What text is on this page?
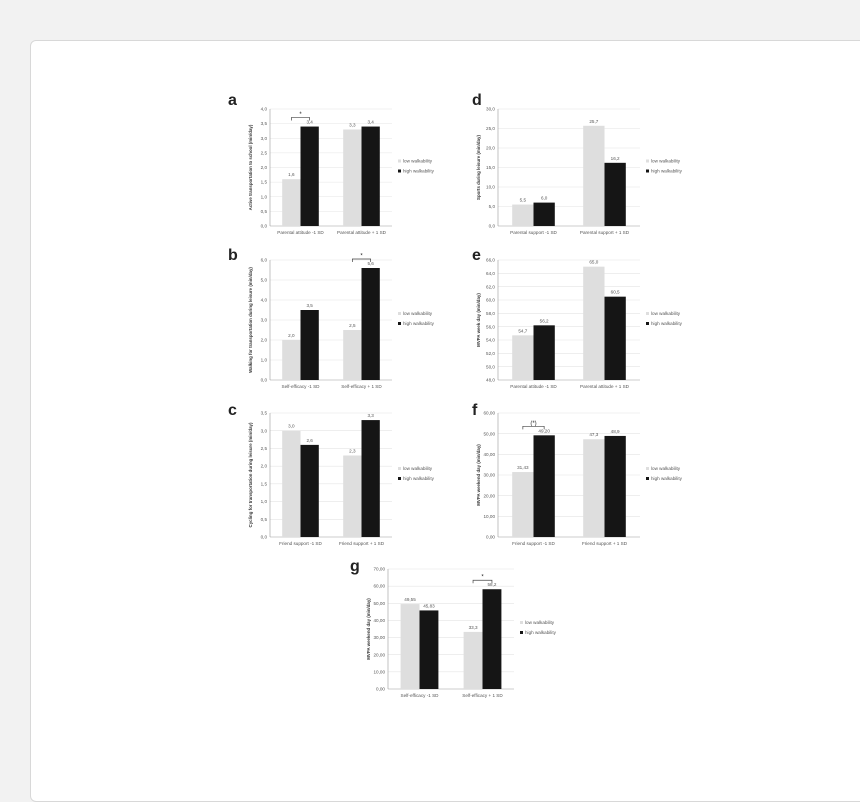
a
0,0
0,5
1,0
1,5
2,0
2,5
3,0
3,5
4,0
Active transportation to school (min/day)	1,6
3,4
Parental attitude -1 SD
3,3
3,4
Parental attitude + 1 SD
*
low walkability
high walkability
d
0,0
5,0
10,0
15,0
20,0
25,0
30,0
Sports during leisure (min/day)
5,5	6,0
Parental support -1 SD
25,7
16,2
Parental support + 1 SD
low walkability
high walkability
b
0,0
1,0
2,0
3,0
4,0
5,0
6,0
Walking for transportation during leisure (min/day)	2,0
3,5
Self-efficacy -1 SD
2,5
5,6
Self-efficacy + 1 SD
*
low walkability
high walkability
e
48,0
50,0
52,0
54,0
56,0
58,0
60,0
62,0
64,0
66,0
MVPA week day (min/day)	54,7
56,2
Parental attitude -1 SD
65,0
60,5
Parental attitude + 1 SD
low walkability
high walkability
c
0,0
0,5
1,0
1,5
2,0
2,5
3,0
3,5
Cycling for transportation during leisure (min/day)	3,0
2,6
Friend support -1 SD
2,3
3,3
Friend support + 1 SD
low walkability
high walkability
f
0,00
10,00
20,00
30,00
40,00
50,00
60,00
MVPA weekend day (min/day)	31,43
49,20
Friend support -1 SD
47,3
48,9
Friend support + 1 SD
(*)
low walkability
high walkability
g
0,00
10,00
20,00
30,00
40,00
50,00
60,00
70,00
MVPA weekend day (min/day)	49,55
45,83
Self-efficacy -1 SD
33,3
58,2
Self-efficacy + 1 SD
*
low walkability
high walkability
